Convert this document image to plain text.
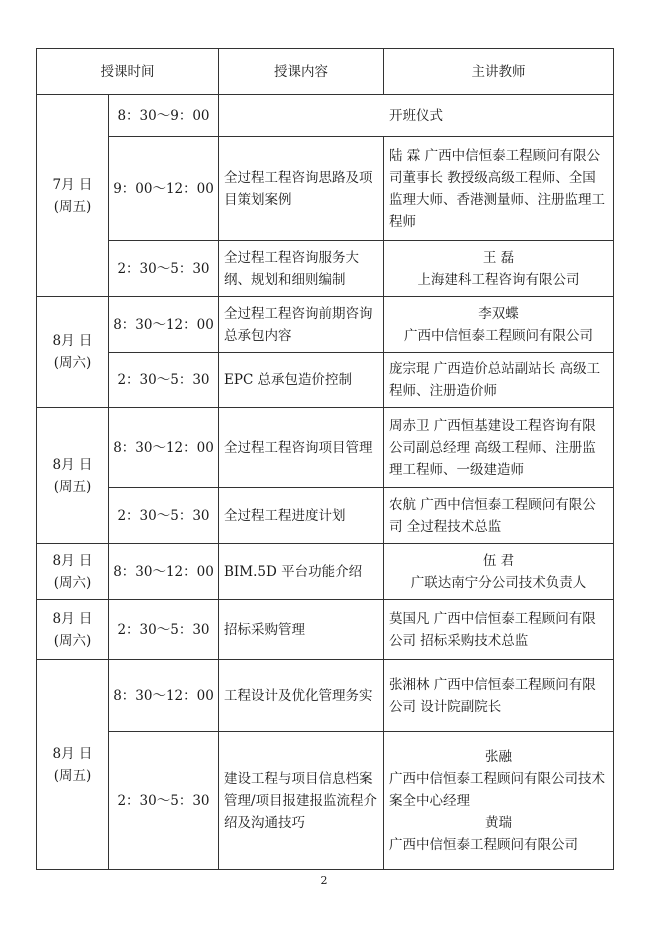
授课时间		授课内容	主讲教师

7月 日
(周五)	8：30～9：00	开班仪式	
	9：00～12：00	全过程工程咨询思路及项目策划案例	陆 霖 广西中信恒泰工程顾问有限公司董事长 教授级高级工程师、全国监理大师、香港测量师、注册监理工程师
	2：30～5：30	全过程工程咨询服务大纲、规划和细则编制	王 磊
上海建科工程咨询有限公司

8月 日
(周六)	8：30～12：00	全过程工程咨询前期咨询总承包内容	李双蝶
广西中信恒泰工程顾问有限公司

	2：30～5：30	EPC 总承包造价控制	庞宗琨 广西造价总站副站长 高级工程师、注册造价师

8月 日
(周五)	8：30～12：00	全过程工程咨询项目管理	周赤卫 广西恒基建设工程咨询有限公司副总经理 高级工程师、注册监理工程师、一级建造师
	2：30～5：30	全过程工程进度计划	农航 广西中信恒泰工程顾问有限公司 全过程技术总监

8月 日
(周六)	8：30～12：00	BIM.5D 平台功能介绍	伍 君
广联达南宁分公司技术负责人

8月 日
(周六)	2：30～5：30	招标采购管理	莫国凡 广西中信恒泰工程顾问有限公司 招标采购技术总监

8月 日
(周五)	8：30～12：00	工程设计及优化管理务实	张湘林 广西中信恒泰工程顾问有限公司 设计院副院长
	2：30～5：30	建设工程与项目信息档案管理/项目报建报监流程介绍及沟通技巧	张融
广西中信恒泰工程顾问有限公司技术案全中心经理
黄瑞
广西中信恒泰工程顾问有限公司
2
